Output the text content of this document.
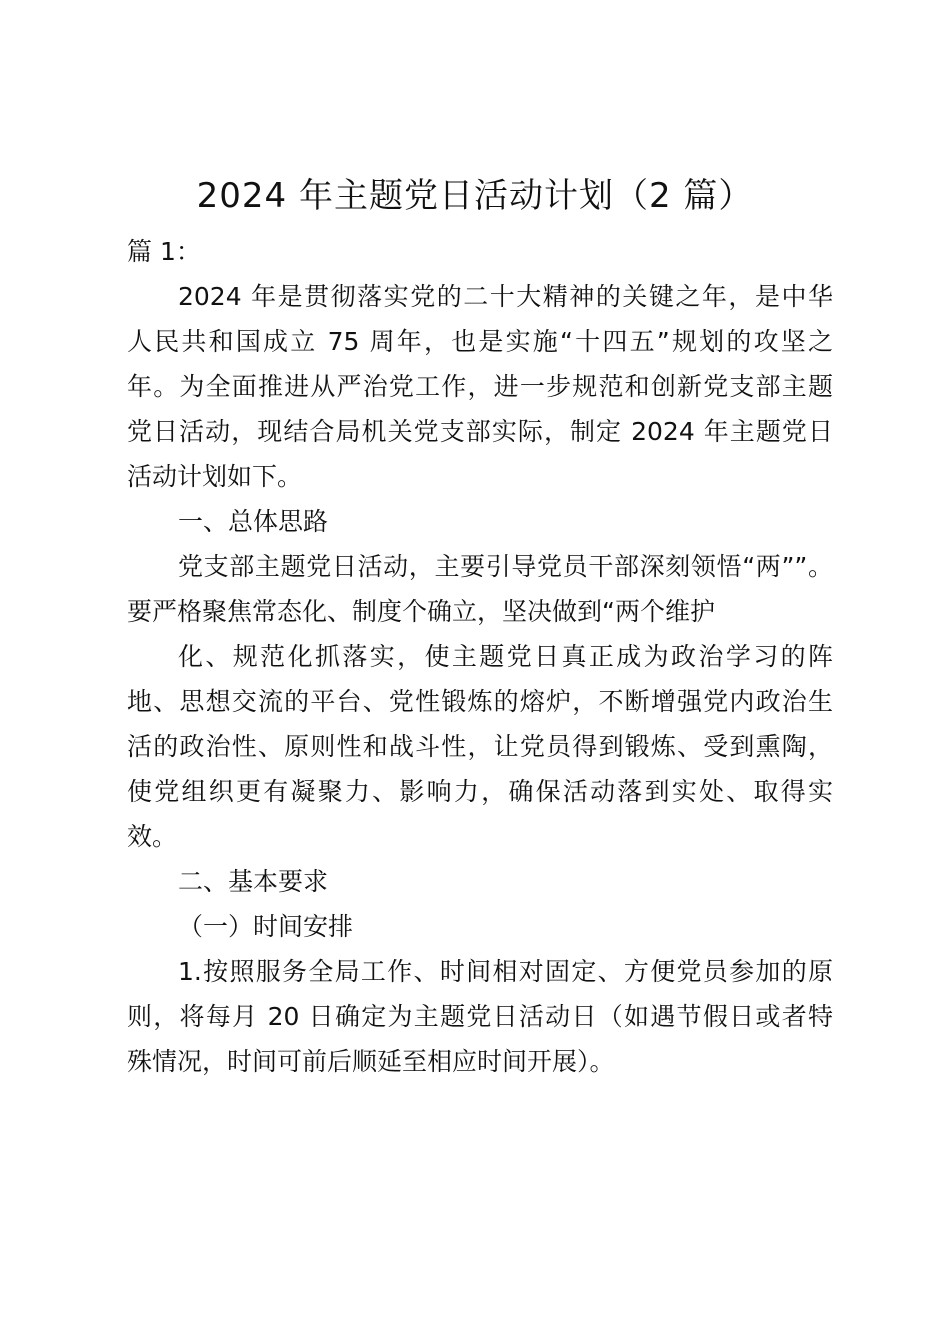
2024 年主题党日活动计划（2 篇）
篇 1：
2024 年是贯彻落实党的二十大精神的关键之年，是中华
人民共和国成立 75 周年，也是实施“十四五”规划的攻坚之
年。为全面推进从严治党工作，进一步规范和创新党支部主题
党日活动，现结合局机关党支部实际，制定 2024 年主题党日
活动计划如下。
一、总体思路
党支部主题党日活动，主要引导党员干部深刻领悟“两””。
要严格聚焦常态化、制度个确立，坚决做到“两个维护
化、规范化抓落实，使主题党日真正成为政治学习的阵
地、思想交流的平台、党性锻炼的熔炉，不断增强党内政治生
活的政治性、原则性和战斗性，让党员得到锻炼、受到熏陶，
使党组织更有凝聚力、影响力，确保活动落到实处、取得实
效。
二、基本要求
（一）时间安排
1.按照服务全局工作、时间相对固定、方便党员参加的原
则，将每月 20 日确定为主题党日活动日（如遇节假日或者特
殊情况，时间可前后顺延至相应时间开展）。
